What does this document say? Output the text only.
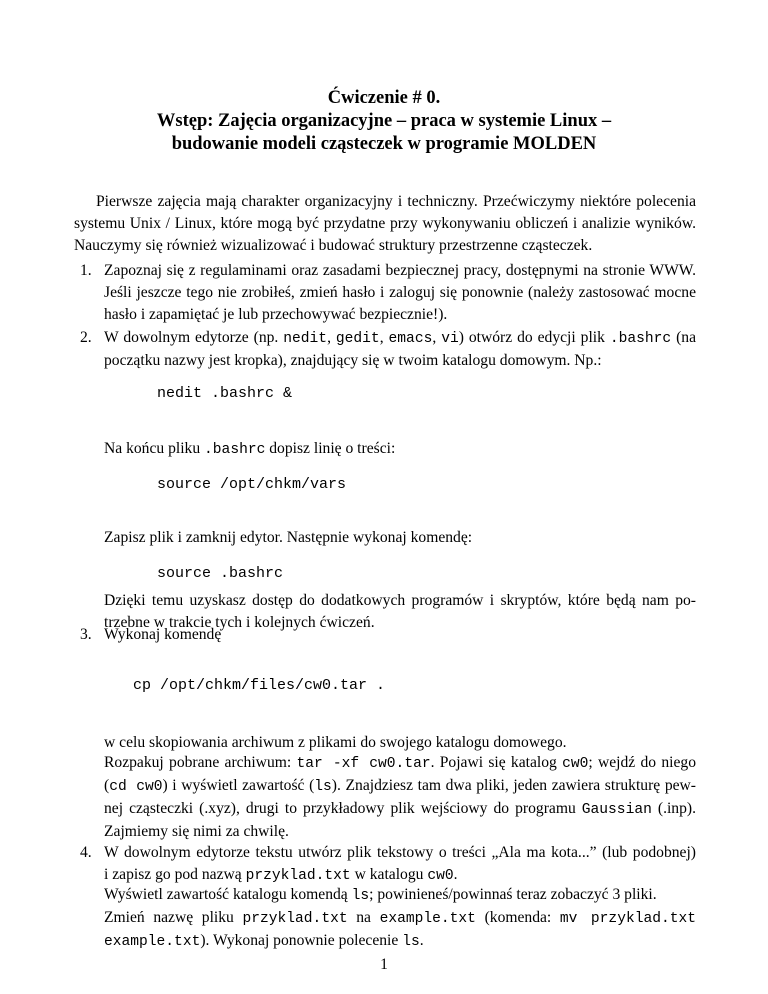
Ćwiczenie # 0.
Wstęp: Zajęcia organizacyjne – praca w systemie Linux –
budowanie modeli cząsteczek w programie MOLDEN
Pierwsze zajęcia mają charakter organizacyjny i techniczny. Przećwiczymy niektóre polecenia
systemu Unix / Linux, które mogą być przydatne przy wykonywaniu obliczeń i analizie wyników.
Nauczymy się również wizualizować i budować struktury przestrzenne cząsteczek.
1. Zapoznaj się z regulaminami oraz zasadami bezpiecznej pracy, dostępnymi na stronie WWW.
Jeśli jeszcze tego nie zrobiłeś, zmień hasło i zaloguj się ponownie (należy zastosować mocne
hasło i zapamiętać je lub przechowywać bezpiecznie!).
2. W dowolnym edytorze (np. nedit, gedit, emacs, vi) otwórz do edycji plik .bashrc (na
początku nazwy jest kropka), znajdujący się w twoim katalogu domowym. Np.:
nedit .bashrc &
Na końcu pliku .bashrc dopisz linię o treści:
source /opt/chkm/vars
Zapisz plik i zamknij edytor. Następnie wykonaj komendę:
source .bashrc
Dzięki temu uzyskasz dostęp do dodatkowych programów i skryptów, które będą nam po-
trzebne w trakcie tych i kolejnych ćwiczeń.
3. Wykonaj komendę
cp /opt/chkm/files/cw0.tar .
w celu skopiowania archiwum z plikami do swojego katalogu domowego.
Rozpakuj pobrane archiwum: tar -xf cw0.tar. Pojawi się katalog cw0; wejdź do niego
(cd cw0) i wyświetl zawartość (ls). Znajdziesz tam dwa pliki, jeden zawiera strukturę pew-
nej cząsteczki (.xyz), drugi to przykładowy plik wejściowy do programu Gaussian (.inp).
Zajmiemy się nimi za chwilę.
4. W dowolnym edytorze tekstu utwórz plik tekstowy o treści „Ala ma kota...” (lub podobnej)
i zapisz go pod nazwą przyklad.txt w katalogu cw0.
Wyświetl zawartość katalogu komendą ls; powinieneś/powinnaś teraz zobaczyć 3 pliki.
Zmień nazwę pliku przyklad.txt na example.txt (komenda: mv przyklad.txt
example.txt). Wykonaj ponownie polecenie ls.
1
